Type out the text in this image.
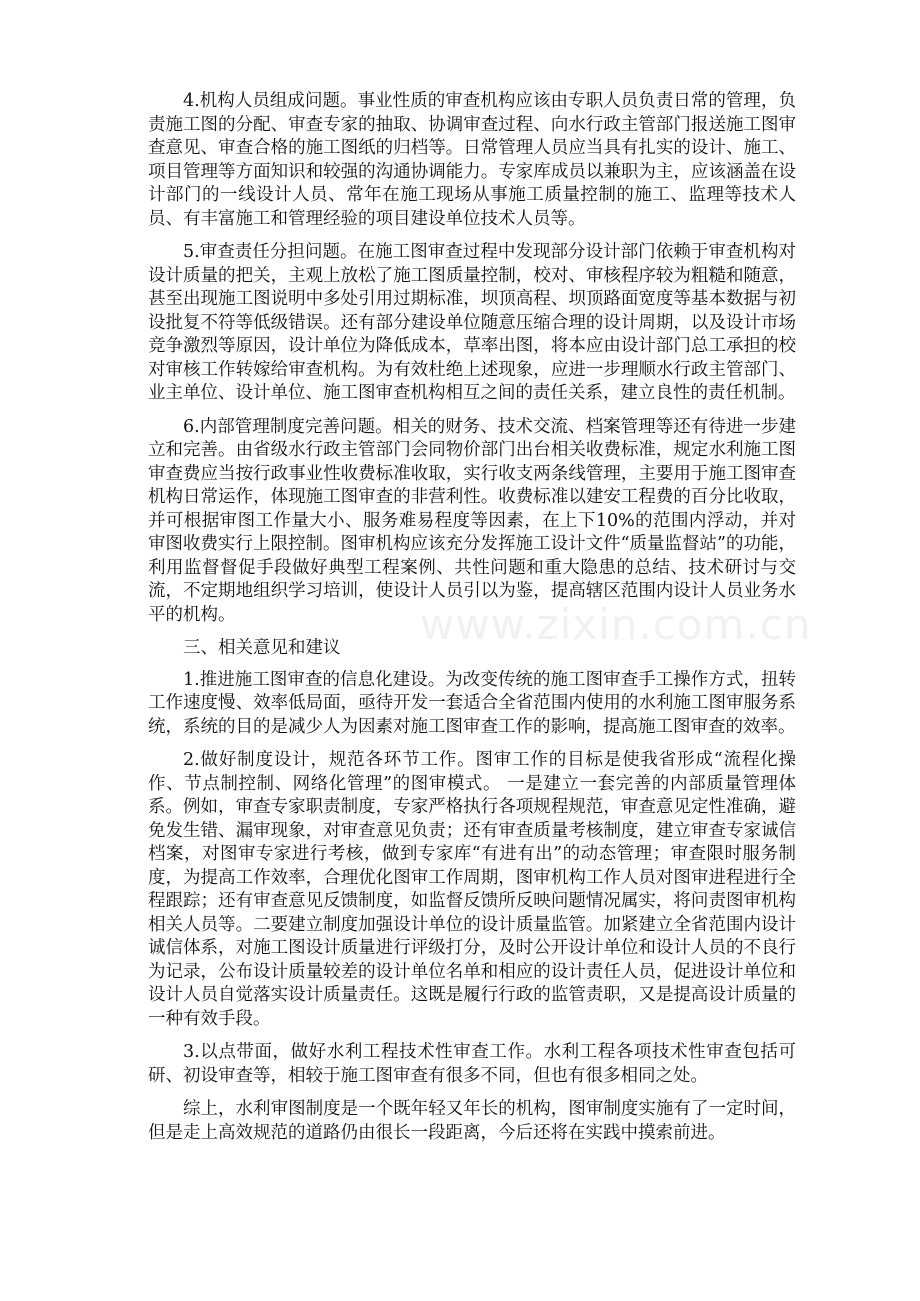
4.机构人员组成问题。事业性质的审查机构应该由专职人员负责日常的管理，负责施工图的分配、审查专家的抽取、协调审查过程、向水行政主管部门报送施工图审查意见、审查合格的施工图纸的归档等。日常管理人员应当具有扎实的设计、施工、项目管理等方面知识和较强的沟通协调能力。专家库成员以兼职为主，应该涵盖在设计部门的一线设计人员、常年在施工现场从事施工质量控制的施工、监理等技术人员、有丰富施工和管理经验的项目建设单位技术人员等。

5.审查责任分担问题。在施工图审查过程中发现部分设计部门依赖于审查机构对设计质量的把关，主观上放松了施工图质量控制，校对、审核程序较为粗糙和随意，甚至出现施工图说明中多处引用过期标准，坝顶高程、坝顶路面宽度等基本数据与初设批复不符等低级错误。还有部分建设单位随意压缩合理的设计周期，以及设计市场竞争激烈等原因，设计单位为降低成本，草率出图，将本应由设计部门总工承担的校对审核工作转嫁给审查机构。为有效杜绝上述现象，应进一步理顺水行政主管部门、业主单位、设计单位、施工图审查机构相互之间的责任关系，建立良性的责任机制。

6.内部管理制度完善问题。相关的财务、技术交流、档案管理等还有待进一步建立和完善。由省级水行政主管部门会同物价部门出台相关收费标准，规定水利施工图审查费应当按行政事业性收费标准收取，实行收支两条线管理，主要用于施工图审查机构日常运作，体现施工图审查的非营利性。收费标准以建安工程费的百分比收取，并可根据审图工作量大小、服务难易程度等因素，在上下10%的范围内浮动，并对审图收费实行上限控制。图审机构应该充分发挥施工设计文件“质量监督站”的功能，利用监督督促手段做好典型工程案例、共性问题和重大隐患的总结、技术研讨与交流，不定期地组织学习培训，使设计人员引以为鉴，提高辖区范围内设计人员业务水平的机构。

三、相关意见和建议

1.推进施工图审查的信息化建设。为改变传统的施工图审查手工操作方式，扭转工作速度慢、效率低局面，亟待开发一套适合全省范围内使用的水利施工图审服务系统，系统的目的是减少人为因素对施工图审查工作的影响，提高施工图审查的效率。

2.做好制度设计，规范各环节工作。图审工作的目标是使我省形成“流程化操作、节点制控制、网络化管理”的图审模式。 一是建立一套完善的内部质量管理体系。例如，审查专家职责制度，专家严格执行各项规程规范，审查意见定性准确，避免发生错、漏审现象，对审查意见负责；还有审查质量考核制度，建立审查专家诚信档案，对图审专家进行考核，做到专家库“有进有出”的动态管理；审查限时服务制度，为提高工作效率，合理优化图审工作周期，图审机构工作人员对图审进程进行全程跟踪；还有审查意见反馈制度，如监督反馈所反映问题情况属实，将问责图审机构相关人员等。二要建立制度加强设计单位的设计质量监管。加紧建立全省范围内设计诚信体系，对施工图设计质量进行评级打分，及时公开设计单位和设计人员的不良行为记录，公布设计质量较差的设计单位名单和相应的设计责任人员，促进设计单位和设计人员自觉落实设计质量责任。这既是履行行政的监管责职，又是提高设计质量的一种有效手段。

3.以点带面，做好水利工程技术性审查工作。水利工程各项技术性审查包括可研、初设审查等，相较于施工图审查有很多不同，但也有很多相同之处。

综上，水利审图制度是一个既年轻又年长的机构，图审制度实施有了一定时间，但是走上高效规范的道路仍由很长一段距离，今后还将在实践中摸索前进。

www.zixin.com.cn
